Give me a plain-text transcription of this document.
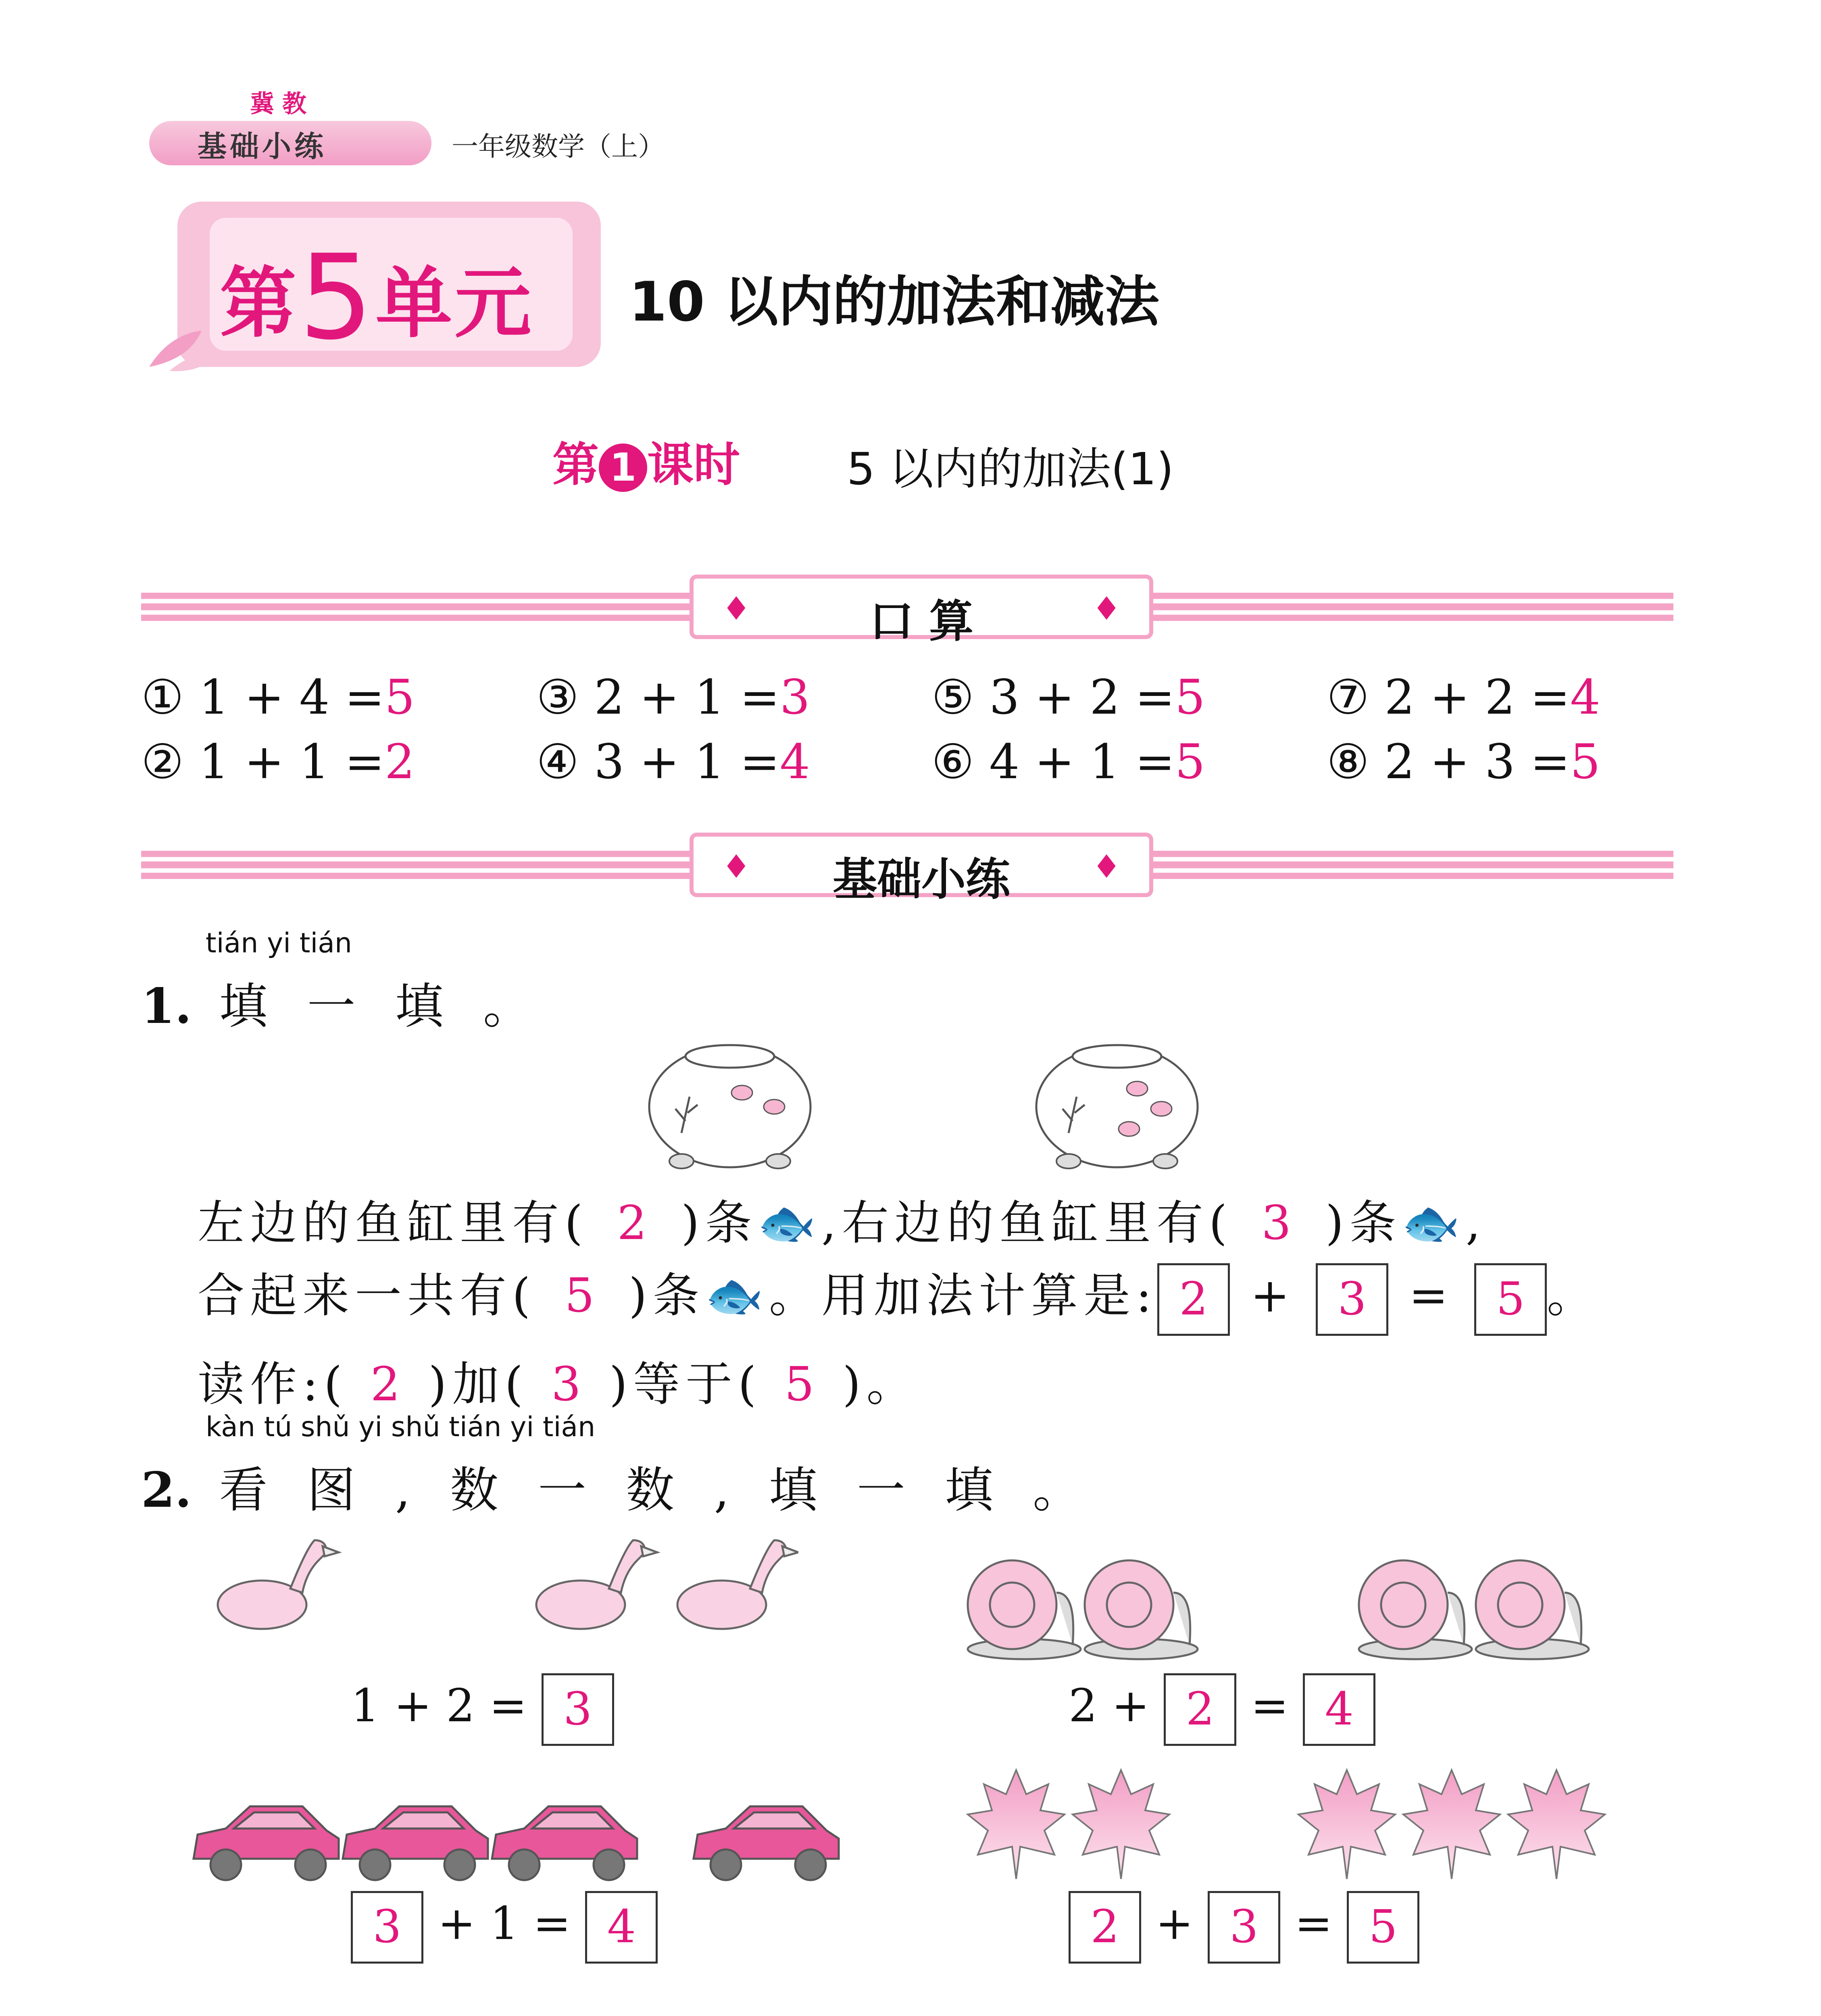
冀教
基础小练	一年级数学（上）
第5单元 10 以内的加法和减法
第 1 课时 5 以内的加法(1)
♦	口 算	♦
① 1 + 4 =5	③ 2 + 1 =3	⑤ 3 + 2 =5	⑦ 2 + 2 =4
② 1 + 1 =2	④ 3 + 1 =4	⑥ 4 + 1 =5	⑧ 2 + 3 =5
♦	基础小练	♦
tián yi tián
1. 填 一 填 。
左边的鱼缸里有( 2 )条🐟,右边的鱼缸里有( 3 )条🐟,
合起来一共有( 5 )条🐟。用加法计算是: 2 + 3 = 5 。
读作:( 2 )加( 3 )等于( 5 )。
kàn tú shǔ yi shǔ tián yi tián
2. 看 图 , 数 一 数 , 填 一 填 。
1 + 2 = 3	2 + 2 = 4
3 + 1 = 4	2 + 3 = 5
